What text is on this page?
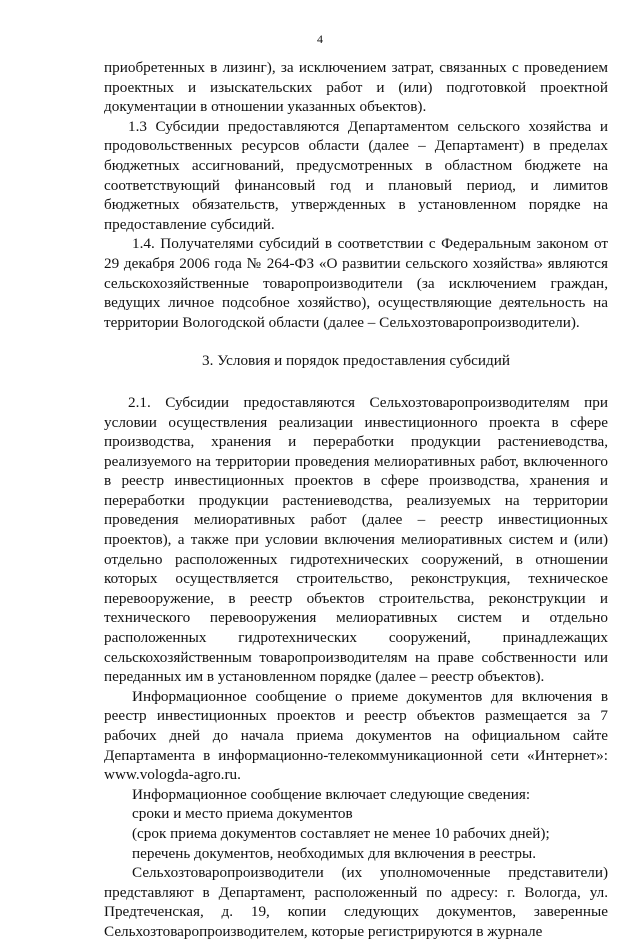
4

приобретенных в лизинг), за исключением затрат, связанных с проведением проектных и изыскательских работ и (или) подготовкой проектной документации в отношении указанных объектов).

1.3 Субсидии предоставляются Департаментом сельского хозяйства и продовольственных ресурсов области (далее – Департамент) в пределах бюджетных ассигнований, предусмотренных в областном бюджете на соответствующий финансовый год и плановый период, и лимитов бюджетных обязательств, утвержденных в установленном порядке на предоставление субсидий.

1.4. Получателями субсидий в соответствии с Федеральным законом от 29 декабря 2006 года № 264-ФЗ «О развитии сельского хозяйства» являются сельскохозяйственные товаропроизводители (за исключением граждан, ведущих личное подсобное хозяйство), осуществляющие деятельность на территории Вологодской области (далее – Сельхозтоваропроизводители).

3. Условия и порядок предоставления субсидий

2.1. Субсидии предоставляются Сельхозтоваропроизводителям при условии осуществления реализации инвестиционного проекта в сфере производства, хранения и переработки продукции растениеводства, реализуемого на территории проведения мелиоративных работ, включенного в реестр инвестиционных проектов в сфере производства, хранения и переработки продукции растениеводства, реализуемых на территории проведения мелиоративных работ (далее – реестр инвестиционных проектов), а также при условии включения мелиоративных систем и (или) отдельно расположенных гидротехнических сооружений, в отношении которых осуществляется строительство, реконструкция, техническое перевооружение, в реестр объектов строительства, реконструкции и технического перевооружения мелиоративных систем и отдельно расположенных гидротехнических сооружений, принадлежащих сельскохозяйственным товаропроизводителям на праве собственности или переданных им в установленном порядке (далее – реестр объектов).

Информационное сообщение о приеме документов для включения в реестр инвестиционных проектов и реестр объектов размещается за 7 рабочих дней до начала приема документов на официальном сайте Департамента в информационно-телекоммуникационной сети «Интернет»: www.vologda-agro.ru.

Информационное сообщение включает следующие сведения:

сроки и место приема документов

(срок приема документов составляет не менее 10 рабочих дней);

перечень документов, необходимых для включения в реестры.

Сельхозтоваропроизводители (их уполномоченные представители) представляют в Департамент, расположенный по адресу: г. Вологда, ул. Предтеченская, д. 19, копии следующих документов, заверенные Сельхозтоваропроизводителем, которые регистрируются в журнале
